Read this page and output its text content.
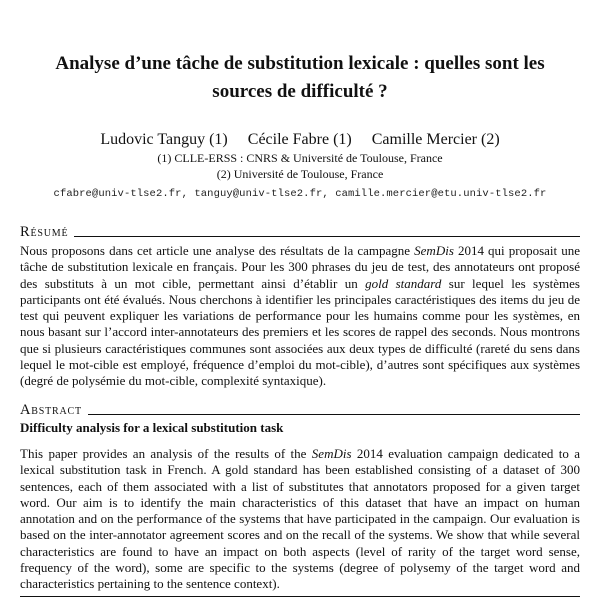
Analyse d’une tâche de substitution lexicale : quelles sont les
sources de difficulté ?
Ludovic Tanguy (1) Cécile Fabre (1) Camille Mercier (2)
(1) CLLE-ERSS : CNRS & Université de Toulouse, France
(2) Université de Toulouse, France
cfabre@univ-tlse2.fr, tanguy@univ-tlse2.fr, camille.mercier@etu.univ-tlse2.fr
Résumé
Nous proposons dans cet article une analyse des résultats de la campagne SemDis 2014 qui proposait une tâche de substitution lexicale en français. Pour les 300 phrases du jeu de test, des annotateurs ont proposé des substituts à un mot cible, permettant ainsi d’établir un gold standard sur lequel les systèmes participants ont été évalués. Nous cherchons à identifier les principales caractéristiques des items du jeu de test qui peuvent expliquer les variations de performance pour les humains comme pour les systèmes, en nous basant sur l’accord inter-annotateurs des premiers et les scores de rappel des seconds. Nous montrons que si plusieurs caractéristiques communes sont associées aux deux types de difficulté (rareté du sens dans lequel le mot-cible est employé, fréquence d’emploi du mot-cible), d’autres sont spécifiques aux systèmes (degré de polysémie du mot-cible, complexité syntaxique).
Abstract
Difficulty analysis for a lexical substitution task
This paper provides an analysis of the results of the SemDis 2014 evaluation campaign dedicated to a lexical substitution task in French. A gold standard has been established consisting of a dataset of 300 sentences, each of them associated with a list of substitutes that annotators proposed for a given target word. Our aim is to identify the main characteristics of this dataset that have an impact on human annotation and on the performance of the systems that have participated in the campaign. Our evaluation is based on the inter-annotator agreement scores and on the recall of the systems. We show that while several characteristics are found to have an impact on both aspects (level of rarity of the target word sense, frequency of the word), some are specific to the systems (degree of polysemy of the target word and characteristics pertaining to the sentence context).
